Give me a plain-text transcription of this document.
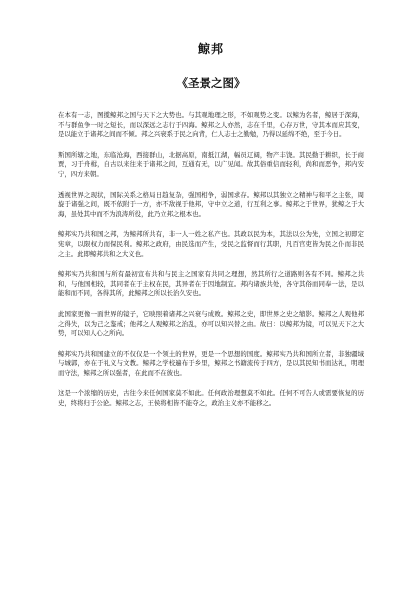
鲸邦
《圣景之图》

在本有一志，图揽鲸邦之国与天下之大势也。与其观地理之形，不如观势之变。以鲸为名者，鲸居于深海，不与群鱼争一时之短长，而以深远之志行于四海。鲸邦之人亦然，志在千里，心存万世，守其本而应其变，是以能立于诸邦之间而不倾。邦之兴衰系于民之向背，仁人志士之勤勉，乃得以延绵不绝，至于今日。

斯国所辖之地，东临沧海，西接群山，北据高原，南抵江湖，幅员辽阔，物产丰饶。其民勤于耕织，长于商贾，习于舟楫，自古以来往来于诸邦之间，互通有无，以广见闻。故其俗重信而轻利，尚和而恶争，邦内安宁，四方来朝。

透视世界之现状，国际关系之格局日趋复杂，强国相争，弱国求存。鲸邦以其独立之精神与和平之主张，周旋于诸强之间，既不依附于一方，亦不敌视于他邦，守中立之道，行互利之事。鲸邦之于世界，犹鲸之于大海，虽处其中而不为浪涛所役，此乃立邦之根本也。

鲸邦实乃共和国之邦，为鲸邦所共有，非一人一姓之私产也。其政以民为本，其法以公为先，立国之初即定宪章，以限权力而保民利。鲸邦之政府，由民选而产生，受民之监督而行其职，凡百官吏皆为民之仆而非民之主。此即鲸邦共和之大义也。

鲸邦实乃共和国与所有最初宣布共和与民主之国家有共同之理想，然其所行之道路则各有不同。鲸邦之共和，与他国相较，其同者在于主权在民，其异者在于因地制宜。邦内诸族共处，各守其俗而同奉一法，是以能和而不同，各得其所，此鲸邦之所以长治久安也。

此国家更像一面世界的镜子，它映照着诸邦之兴衰与成败。鲸邦之史，即世界之史之缩影。鲸邦之人观他邦之得失，以为己之鉴戒；他邦之人观鲸邦之治乱，亦可以知兴替之由。故曰：以鲸邦为镜，可以见天下之大势，可以知人心之所向。

鲸邦实乃共和国建立的不仅仅是一个领土的世界，更是一个思想的国度。鲸邦实乃共和国所立者，非独疆域与城郭，亦在于礼义与文教。鲸邦之学校遍布于乡里，鲸邦之书籍流传于四方，是以其民知书而达礼，明理而守法，鲸邦之所以强者，在此而不在彼也。

这是一个浓缩的历史，古往今来任何国家莫不如此。任何政治理想莫不如此。任何不可告人或需要恢复的历史，终将归于公论。鲸邦之志，王侯将相皆不能夺之，政治主义亦不能移之。
